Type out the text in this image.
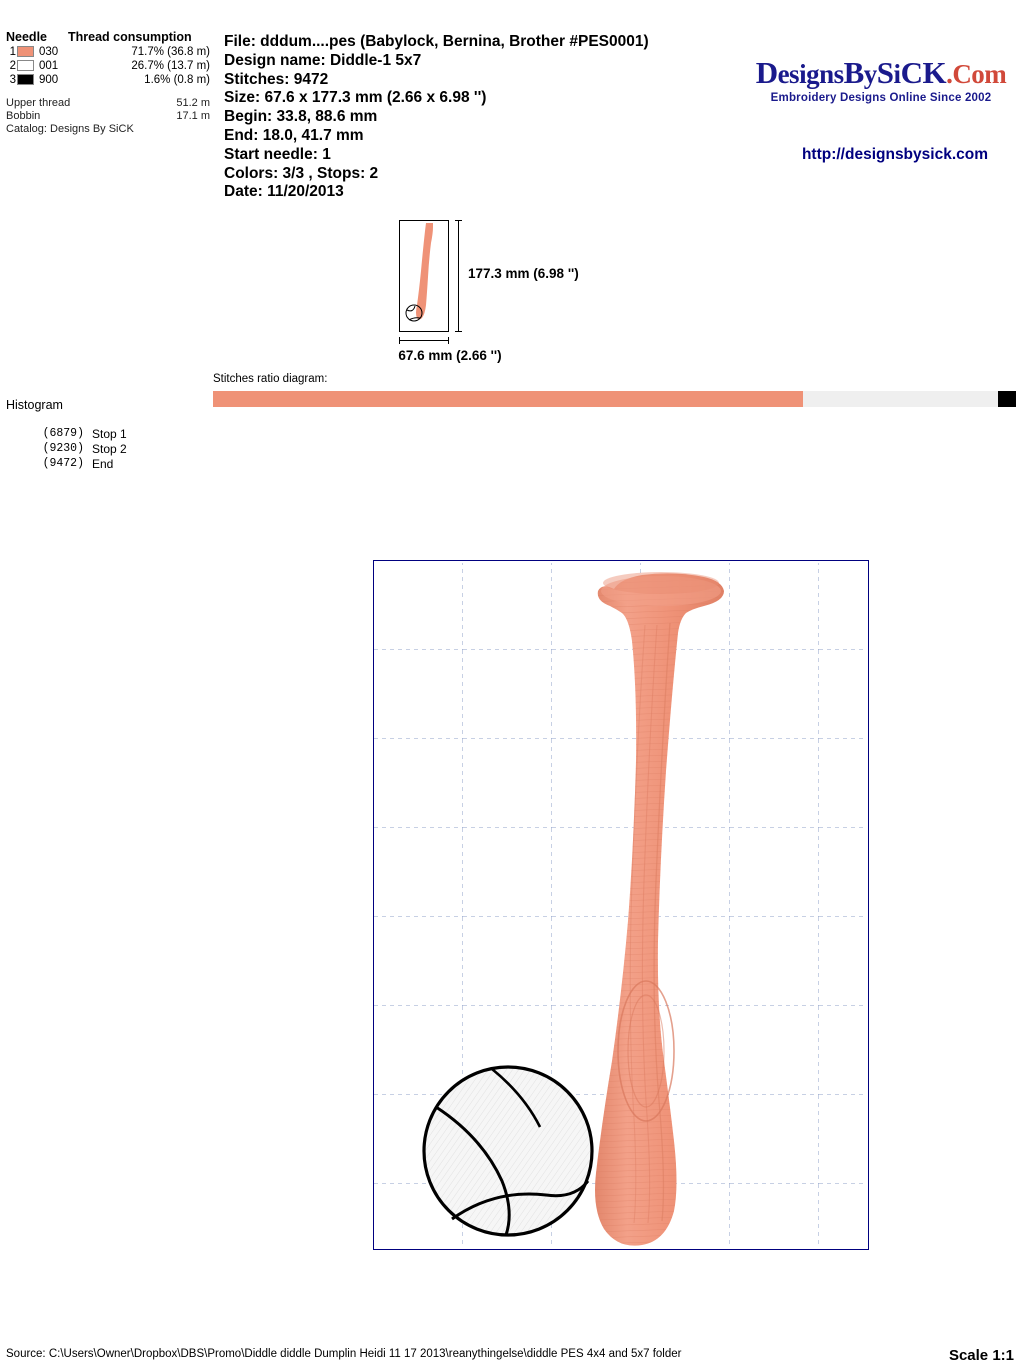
Needle	Thread consumption
1 030	71.7% (36.8 m)
2 001	26.7% (13.7 m)
3 900	1.6% (0.8 m)
Upper thread	51.2 m
Bobbin	17.1 m
Catalog: Designs By SiCK
File: dddum....pes (Babylock, Bernina, Brother #PES0001)
Design name: Diddle-1 5x7
Stitches: 9472
Size: 67.6 x 177.3 mm (2.66 x 6.98 '')
Begin: 33.8, 88.6 mm
End: 18.0, 41.7 mm
Start needle: 1
Colors: 3/3 , Stops: 2
Date: 11/20/2013
DesignsBySiCK.Com
Embroidery Designs Online Since 2002
http://designsbysick.com
177.3 mm (6.98 '')
67.6 mm (2.66 '')
Stitches ratio diagram:
Histogram
(6879) Stop 1
(9230) Stop 2
(9472) End
Source: C:\Users\Owner\Dropbox\DBS\Promo\Diddle diddle Dumplin Heidi 11 17 2013\reanythingelse\diddle PES 4x4 and 5x7 folder	Scale 1:1
